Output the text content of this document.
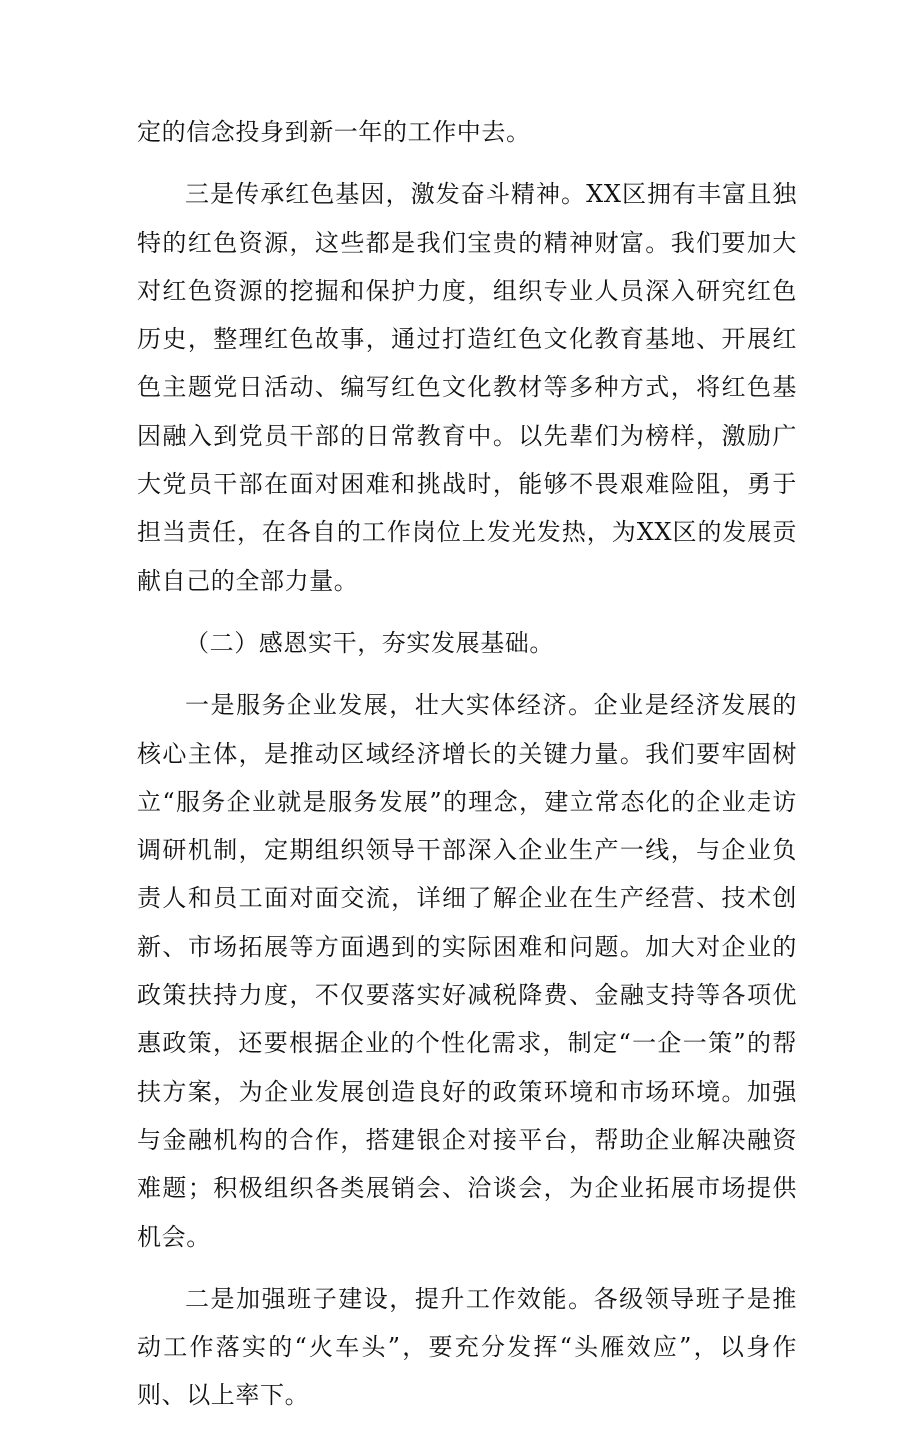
定的信念投身到新一年的工作中去。

三是传承红色基因，激发奋斗精神。XX区拥有丰富且独特的红色资源，这些都是我们宝贵的精神财富。我们要加大对红色资源的挖掘和保护力度，组织专业人员深入研究红色历史，整理红色故事，通过打造红色文化教育基地、开展红色主题党日活动、编写红色文化教材等多种方式，将红色基因融入到党员干部的日常教育中。以先辈们为榜样，激励广大党员干部在面对困难和挑战时，能够不畏艰难险阻，勇于担当责任，在各自的工作岗位上发光发热，为XX区的发展贡献自己的全部力量。

（二）感恩实干，夯实发展基础。

一是服务企业发展，壮大实体经济。企业是经济发展的核心主体，是推动区域经济增长的关键力量。我们要牢固树立“服务企业就是服务发展”的理念，建立常态化的企业走访调研机制，定期组织领导干部深入企业生产一线，与企业负责人和员工面对面交流，详细了解企业在生产经营、技术创新、市场拓展等方面遇到的实际困难和问题。加大对企业的政策扶持力度，不仅要落实好减税降费、金融支持等各项优惠政策，还要根据企业的个性化需求，制定“一企一策”的帮扶方案，为企业发展创造良好的政策环境和市场环境。加强与金融机构的合作，搭建银企对接平台，帮助企业解决融资难题；积极组织各类展销会、洽谈会，为企业拓展市场提供机会。

二是加强班子建设，提升工作效能。各级领导班子是推动工作落实的“火车头”，要充分发挥“头雁效应”，以身作则、以上率下。
